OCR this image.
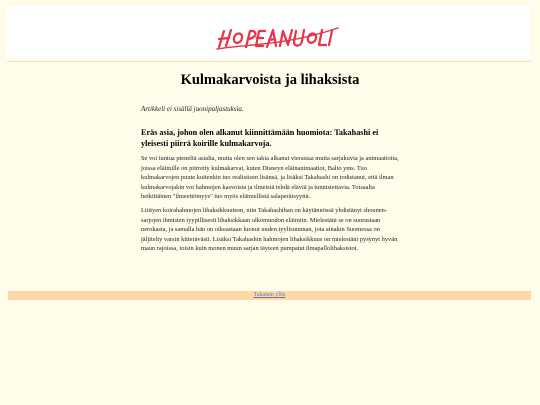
Kulmakarvoista ja lihaksista

Artikkeli ei sisällä juonipaljastuksia.

Eräs asia, johon olen alkanut kiinnittämään huomiota: Takahashi ei yleisesti piirrä koirille kulmakarvoja.

Se voi tuntua pieneltä asialta, mutta olen sen takia alkanut vierastaa muita sarjakuvia ja animaatioita, joissa eläimille on piirretty kulmakarvat, kuten Disneyn eläinanimaatiot, Balto yms. Tuo kulmakarvojen puute kuitenkin tuo realistisen lisänsä, ja lisäksi Takahashi on todistanut, että ilman kulmakarvojakin voi hahmojen kasvoista ja ilmeistä tehdä eläviä ja tunnistettavia. Toisaalta heikittäinen "ilmeettömyys" tuo myös eläimellistä salaperäisyyttä.

Liittyen koirahahmojen lihaksikkuuteen, niin Takahashihan on käytännössä yhdistänyt shounen-sarjojen ihmisten tyypillisesti lihaksikkaan ulkomuodon eläimiin. Mielestäni se on suorastaan nerokasta, ja samalla hän on oikeastaan luonut uuden tyylisuunnan, jota ainakin Suomessa on jäljitelty varsin kitterävästi. Lisäksi Takahashin hahmojen lihaksikkuus on mielestäni pysynyt hyvän maun rajoissa, toisin kuin monen muun sarjan täyteen pumpatut ilmapallolihaksistot.

Takaisin ylös
